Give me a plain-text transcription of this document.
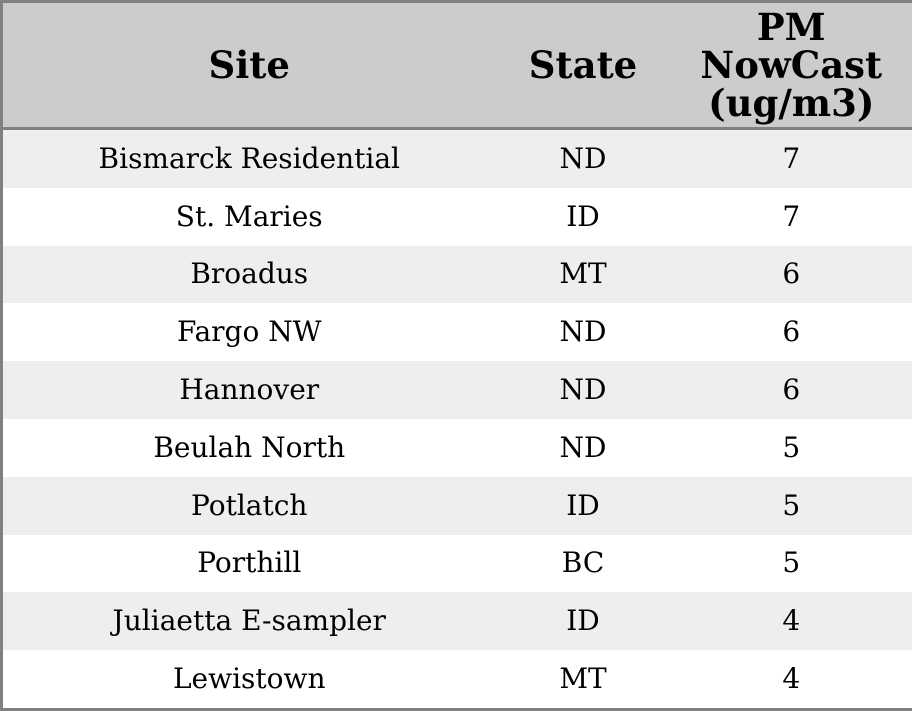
Site	State	PM NowCast (ug/m3)
Bismarck Residential	ND	7
St. Maries	ID	7
Broadus	MT	6
Fargo NW	ND	6
Hannover	ND	6
Beulah North	ND	5
Potlatch	ID	5
Porthill	BC	5
Juliaetta E-sampler	ID	4
Lewistown	MT	4
